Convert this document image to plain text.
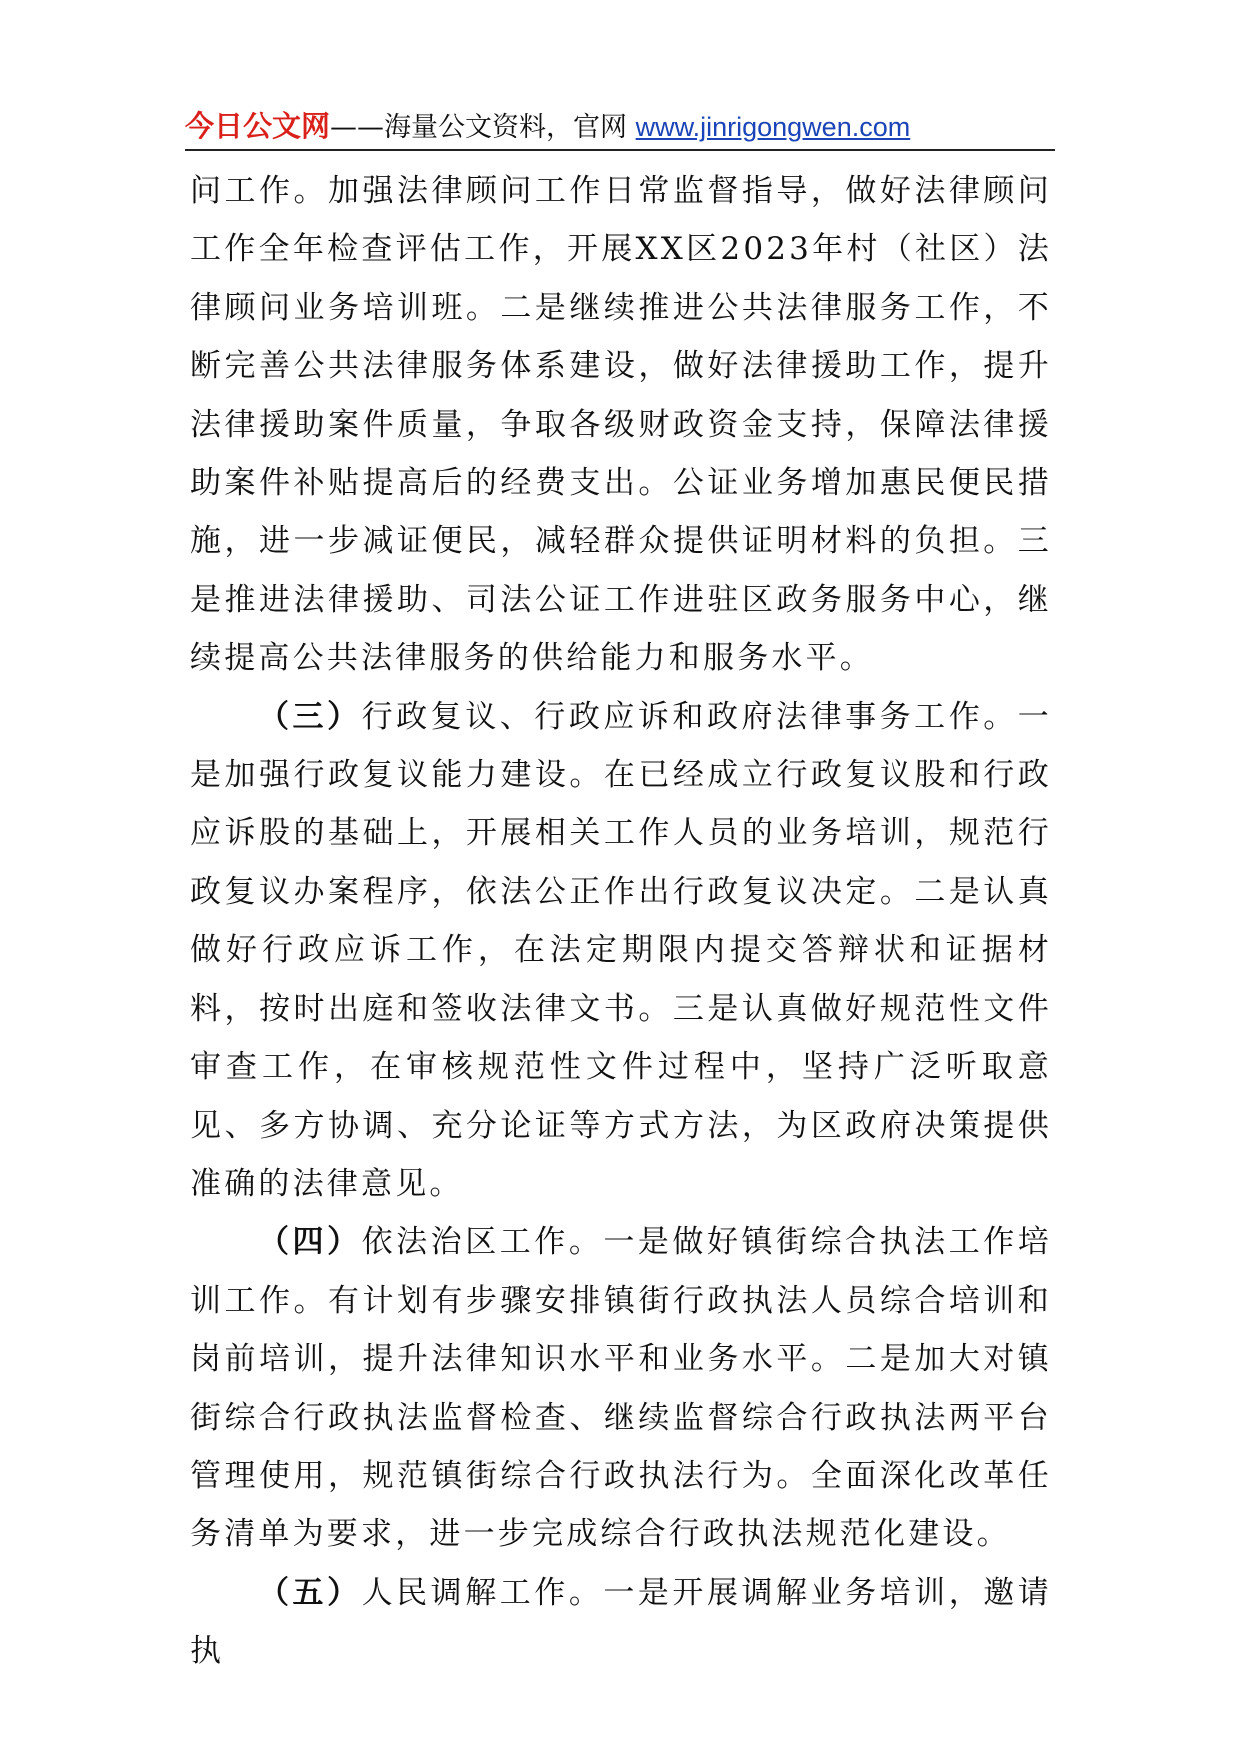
今日公文网——海量公文资料，官网 www.jinrigongwen.com

问工作。加强法律顾问工作日常监督指导，做好法律顾问工作全年检查评估工作，开展XX区2023年村（社区）法律顾问业务培训班。二是继续推进公共法律服务工作，不断完善公共法律服务体系建设，做好法律援助工作，提升法律援助案件质量，争取各级财政资金支持，保障法律援助案件补贴提高后的经费支出。公证业务增加惠民便民措施，进一步减证便民，减轻群众提供证明材料的负担。三是推进法律援助、司法公证工作进驻区政务服务中心，继续提高公共法律服务的供给能力和服务水平。

（三）行政复议、行政应诉和政府法律事务工作。一是加强行政复议能力建设。在已经成立行政复议股和行政应诉股的基础上，开展相关工作人员的业务培训，规范行政复议办案程序，依法公正作出行政复议决定。二是认真做好行政应诉工作，在法定期限内提交答辩状和证据材料，按时出庭和签收法律文书。三是认真做好规范性文件审查工作，在审核规范性文件过程中，坚持广泛听取意见、多方协调、充分论证等方式方法，为区政府决策提供准确的法律意见。

（四）依法治区工作。一是做好镇街综合执法工作培训工作。有计划有步骤安排镇街行政执法人员综合培训和岗前培训，提升法律知识水平和业务水平。二是加大对镇街综合行政执法监督检查、继续监督综合行政执法两平台管理使用，规范镇街综合行政执法行为。全面深化改革任务清单为要求，进一步完成综合行政执法规范化建设。

（五）人民调解工作。一是开展调解业务培训，邀请执
